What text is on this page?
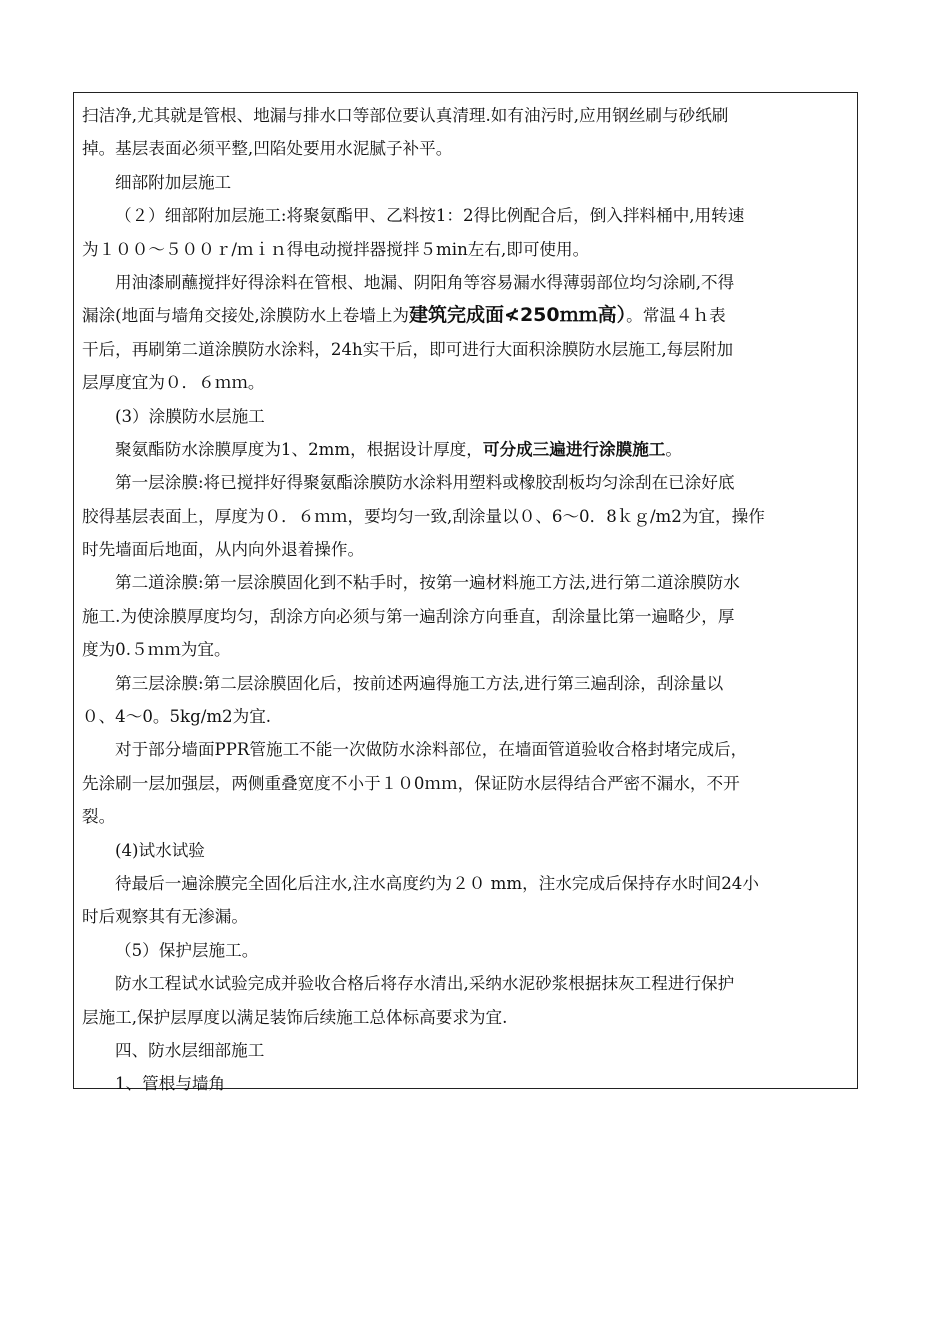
扫洁净,尤其就是管根、地漏与排水口等部位要认真清理.如有油污时,应用钢丝刷与砂纸刷
掉。基层表面必须平整,凹陷处要用水泥腻子补平。
细部附加层施工
（２）细部附加层施工:将聚氨酯甲、乙料按1：2得比例配合后，倒入拌料桶中,用转速
为１００～５００ｒ/ｍｉｎ得电动搅拌器搅拌５min左右,即可使用。
用油漆刷蘸搅拌好得涂料在管根、地漏、阴阳角等容易漏水得薄弱部位均匀涂刷,不得
漏涂(地面与墙角交接处,涂膜防水上卷墙上为建筑完成面≮250ｍｍ高）。常温４ｈ表
干后，再刷第二道涂膜防水涂料，24h实干后，即可进行大面积涂膜防水层施工,每层附加
层厚度宜为０．６ｍｍ。
(3）涂膜防水层施工
聚氨酯防水涂膜厚度为1、2mm，根据设计厚度，可分成三遍进行涂膜施工。
第一层涂膜:将已搅拌好得聚氨酯涂膜防水涂料用塑料或橡胶刮板均匀涂刮在已涂好底
胶得基层表面上，厚度为０．６ｍｍ，要均匀一致,刮涂量以０、6～0．8ｋｇ/m2为宜，操作
时先墙面后地面，从内向外退着操作。
第二道涂膜:第一层涂膜固化到不粘手时，按第一遍材料施工方法,进行第二道涂膜防水
施工.为使涂膜厚度均匀，刮涂方向必须与第一遍刮涂方向垂直，刮涂量比第一遍略少，厚
度为0.５ｍｍ为宜。
第三层涂膜:第二层涂膜固化后，按前述两遍得施工方法,进行第三遍刮涂，刮涂量以
０、4～0。5kg/m2为宜.
对于部分墙面PPR管施工不能一次做防水涂料部位，在墙面管道验收合格封堵完成后，
先涂刷一层加强层，两侧重叠宽度不小于１０0ｍｍ，保证防水层得结合严密不漏水，不开
裂。
(4)试水试验
待最后一遍涂膜完全固化后注水,注水高度约为２０ mm，注水完成后保持存水时间24小
时后观察其有无渗漏。
（5）保护层施工。
防水工程试水试验完成并验收合格后将存水清出,采纳水泥砂浆根据抹灰工程进行保护
层施工,保护层厚度以满足装饰后续施工总体标高要求为宜.
四、防水层细部施工
1、管根与墙角
